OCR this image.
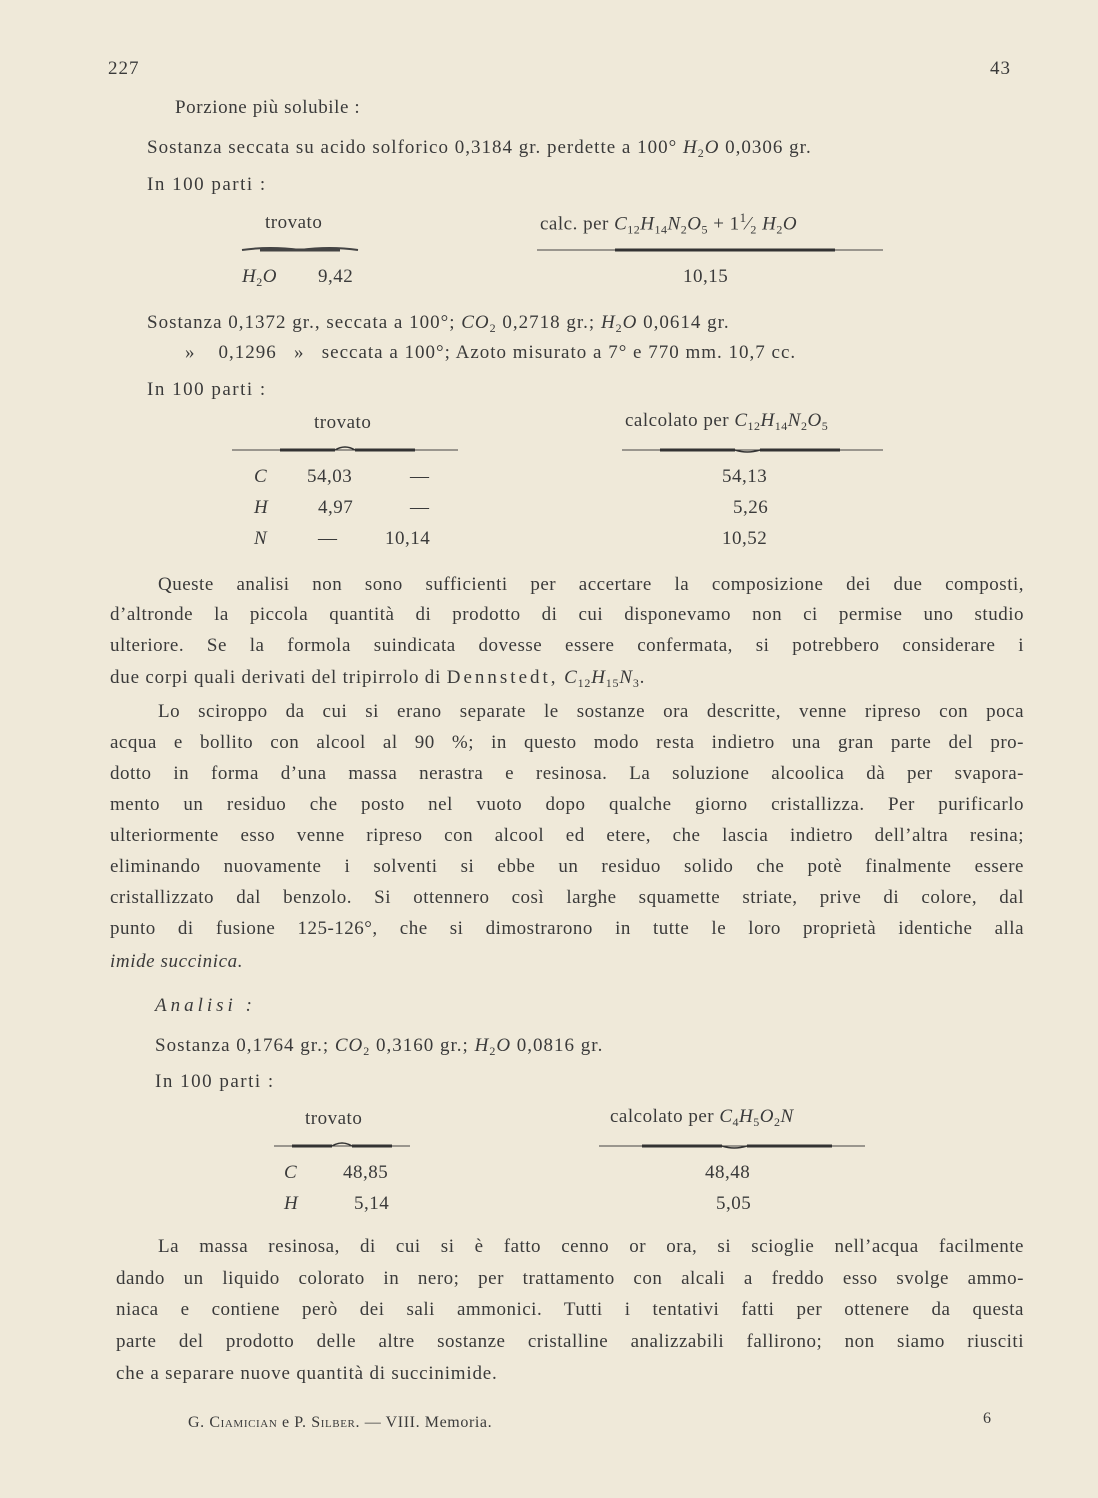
227	43
Porzione più solubile :
Sostanza seccata su acido solforico 0,3184 gr. perdette a 100° $H_2O$ 0,0306 gr.
In 100 parti :
trovato	calc. per $C_{12}H_{14}N_2O_5$ + $1^1⁄_2$ $H_2O$
$H_2O$ 9,42	10,15
Sostanza 0,1372 gr., seccata a 100°; $CO_2$ 0,2718 gr.; $H_2O$ 0,0614 gr.
» 0,1296 » seccata a 100°; Azoto misurato a 7° e 770 mm. 10,7 cc.
In 100 parti :
trovato	calcolato per $C_{12}H_{14}N_2O_5$
C 54,03	—	54,13
H	4,97	—	5,26
N	—	10,14	10,52
Queste analisi non sono sufficienti per accertare la composizione dei due composti,
d’altronde la piccola quantità di prodotto di cui disponevamo non ci permise uno studio
ulteriore. Se la formola suindicata dovesse essere confermata, si potrebbero considerare i
due corpi quali derivati del tripirrolo di Dennstedt, $C_{12}H_{15}N_3$.
Lo sciroppo da cui si erano separate le sostanze ora descritte, venne ripreso con poca
acqua e bollito con alcool al 90 %; in questo modo resta indietro una gran parte del pro-
dotto in forma d’una massa nerastra e resinosa. La soluzione alcoolica dà per svapora-
mento un residuo che posto nel vuoto dopo qualche giorno cristallizza. Per purificarlo
ulteriormente esso venne ripreso con alcool ed etere, che lascia indietro dell’altra resina;
eliminando nuovamente i solventi si ebbe un residuo solido che potè finalmente essere
cristallizzato dal benzolo. Si ottennero così larghe squamette striate, prive di colore, dal
punto di fusione 125-126°, che si dimostrarono in tutte le loro proprietà identiche alla
imide succinica.
Analisi :
Sostanza 0,1764 gr.; $CO_2$ 0,3160 gr.; $H_2O$ 0,0816 gr.
In 100 parti :
trovato	calcolato per $C_4H_5O_2N$
C 48,85	48,48
H	5,14	5,05
La massa resinosa, di cui si è fatto cenno or ora, si scioglie nell’acqua facilmente
dando un liquido colorato in nero; per trattamento con alcali a freddo esso svolge ammo-
niaca e contiene però dei sali ammonici. Tutti i tentativi fatti per ottenere da questa
parte del prodotto delle altre sostanze cristalline analizzabili fallirono; non siamo riusciti
che a separare nuove quantità di succinimide.
G. Ciamician e P. Silber. — VIII. Memoria.	6
